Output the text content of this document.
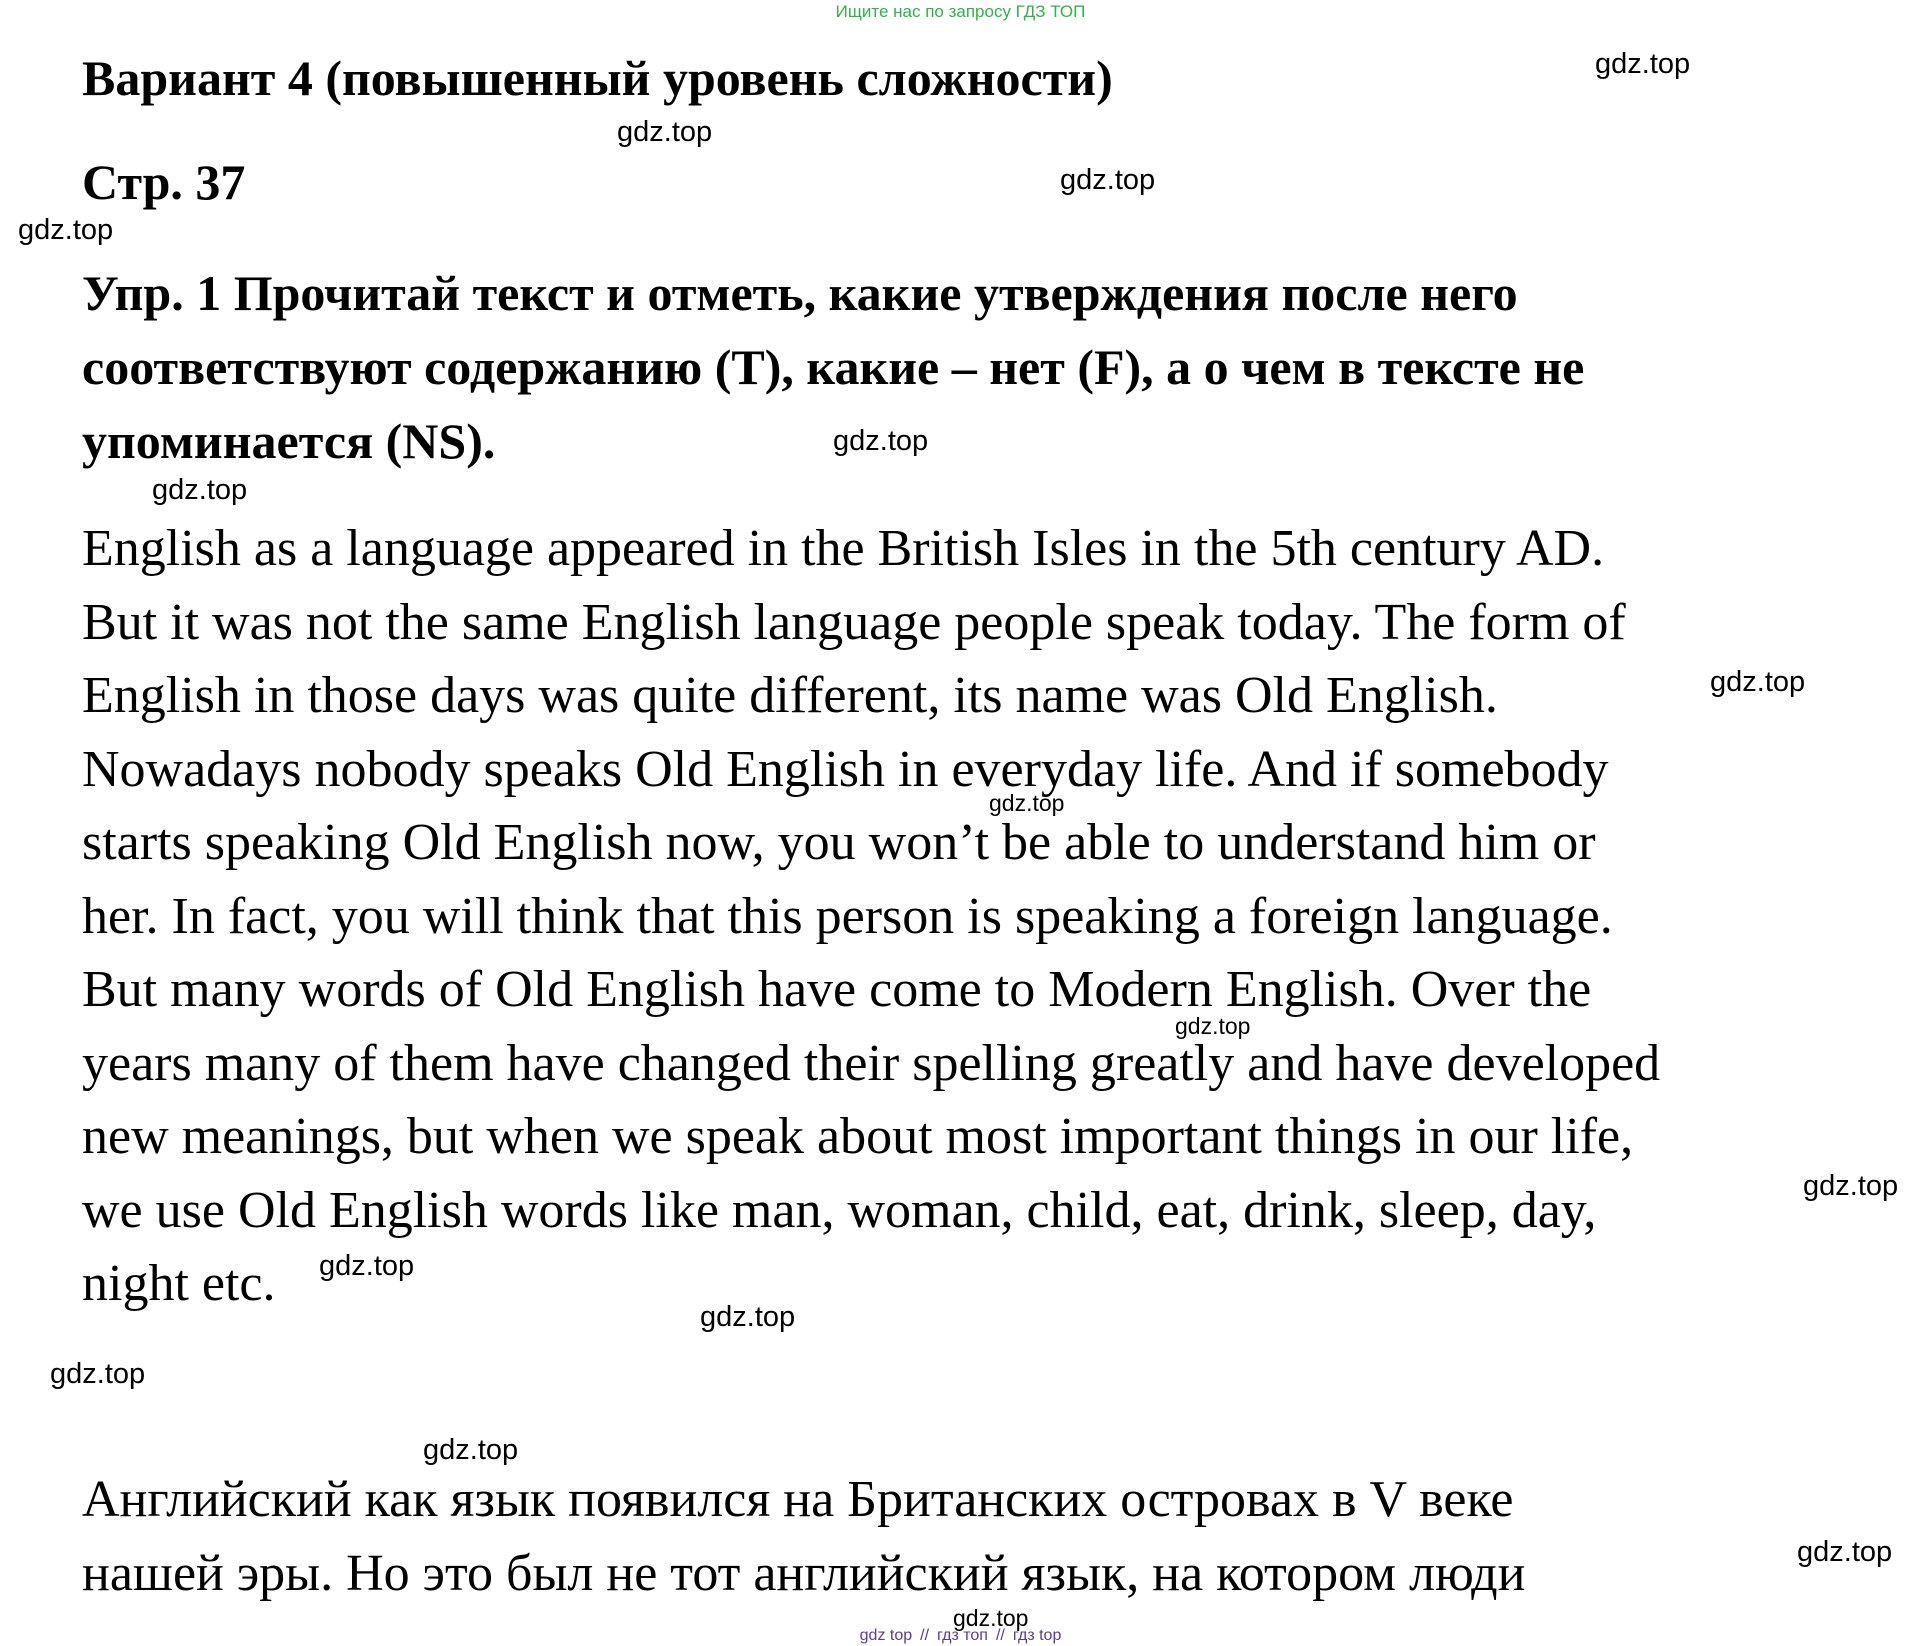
Ищите нас по запросу ГДЗ ТОП

Вариант 4 (повышенный уровень сложности)
Стр. 37
Упр. 1 Прочитай текст и отметь, какие утверждения после него
соответствуют содержанию (T), какие – нет (F), а о чем в тексте не
упоминается (NS).
English as a language appeared in the British Isles in the 5th century AD.
But it was not the same English language people speak today. The form of
English in those days was quite different, its name was Old English.
Nowadays nobody speaks Old English in everyday life. And if somebody
starts speaking Old English now, you won’t be able to understand him or
her. In fact, you will think that this person is speaking a foreign language.
But many words of Old English have come to Modern English. Over the
years many of them have changed their spelling greatly and have developed
new meanings, but when we speak about most important things in our life,
we use Old English words like man, woman, child, eat, drink, sleep, day,
night etc.
Английский как язык появился на Британских островах в V веке
нашей эры. Но это был не тот английский язык, на котором люди
gdz.top
gdz.top
gdz.top
gdz.top
gdz.top
gdz.top
gdz.top
gdz.top
gdz.top
gdz.top
gdz.top
gdz.top
gdz.top
gdz.top
gdz.top
gdz.top

gdz top // гдз топ // гдз top
